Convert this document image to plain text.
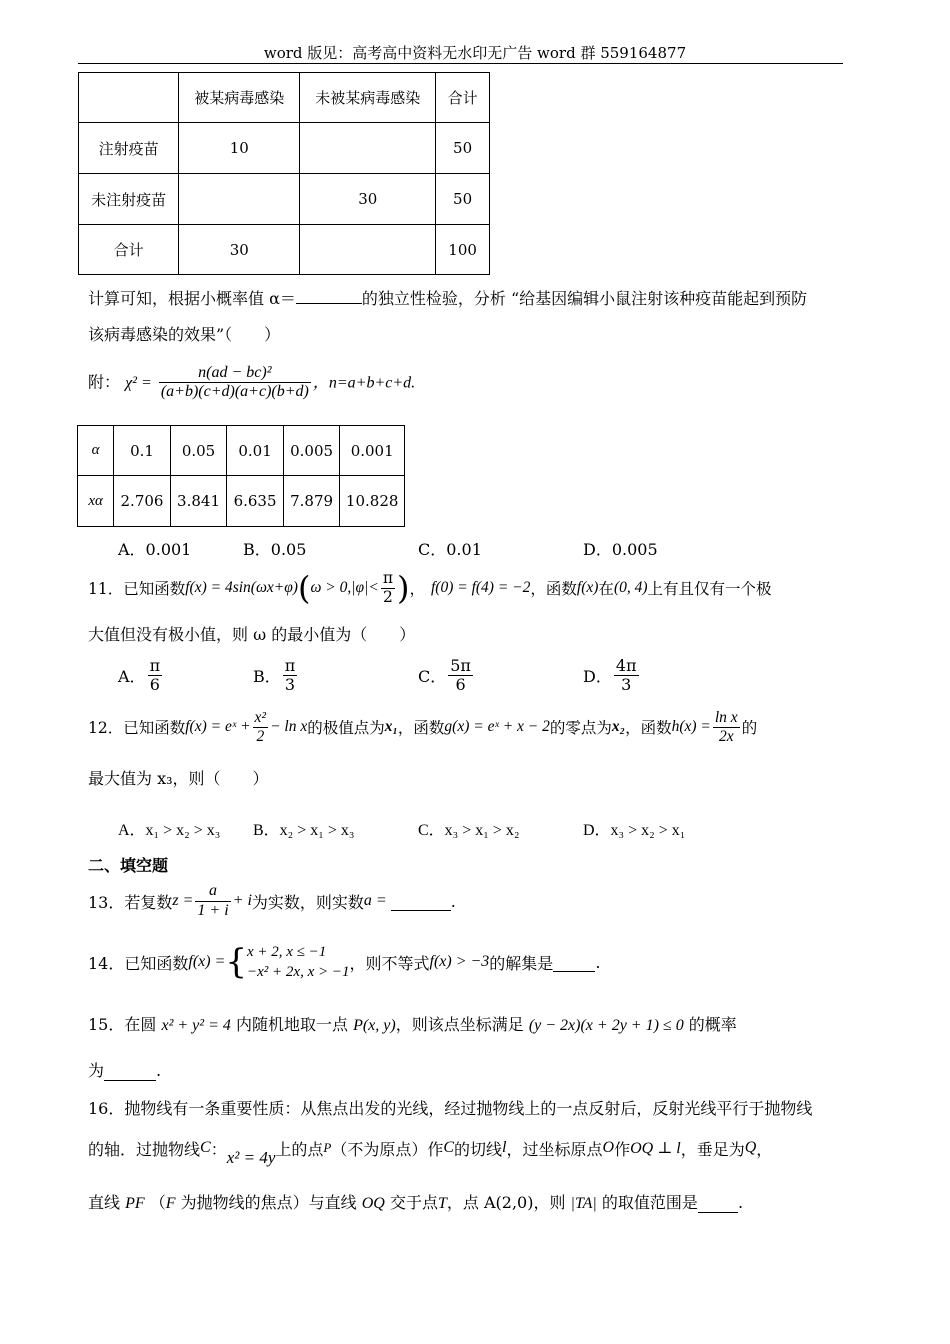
word 版见：高考高中资料无水印无广告 word 群 559164877
	被某病毒感染	未被某病毒感染	合计
注射疫苗	10		50
未注射疫苗		30	50
合计	30		100
计算可知，根据小概率值 α＝	的独立性检验，分析 “给基因编辑小鼠注射该种疫苗能起到预防
该病毒感染的效果”（　　）
附： $\chi^2 = \frac{\text{n(ad − bc)²}}{(a+b)(c+d)(a+c)(b+d)}$ ，n=a+b+c+d.
α	0.1	0.05	0.01	0.005	0.001
xα	2.706	3.841	6.635	7.879	10.828
A．0.001	B．0.05	C．0.01	D．0.005
11．已知函数 f(x) = 4sin(ωx+φ) ( $\omega > 0,|\varphi|< \frac{\pi}{2}$ ) ， f(0) = f(4) = −2 ，函数 f(x) 在 (0, 4) 上有且仅有一个极
大值但没有极小值，则 ω 的最小值为（　　）
A． $\frac{\pi}{6}$	B． $\frac{\pi}{3}$	C． $\frac{5\pi}{6}$	D． $\frac{4\pi}{3}$
12．已知函数 f(x) = eˣ + $\frac{\text{x²}}{2} - \ln x$ 的极值点为 x₁ ，函数 g(x) = eˣ + x − 2 的零点为 x₂ ，函数 $h(x) = \frac{\text{ln x}}{2x}$ 的
最大值为 x₃，则（　　）
A．x₁ > x₂ > x₃ B．x₂ > x₁ > x₃	C．x₃ > x₁ > x₂	D．x₃ > x₂ > x₁
二、填空题
13．若复数 $z = \frac{a}{1 + i} + i$ 为实数，则实数 a =
	.
14．已知函数 f(x) = { x + 2, x ≤ −1
−x² + 2x, x > −1 ，则不等式 f(x) > −3 的解集是
	.
15．在圆 x² + y² = 4 内随机地取一点 P(x, y)，则该点坐标满足 (y − 2x)(x + 2y + 1) ≤ 0 的概率
为	.
16．抛物线有一条重要性质：从焦点出发的光线，经过抛物线上的一点反射后，反射光线平行于抛物线
的轴．过抛物线 C ： x² = 4y 上的点 P （不为原点）作 C 的切线 l ，过坐标原点 O 作 OQ ⊥ l ，垂足为 Q ，
直线 PF （F 为抛物线的焦点）与直线 OQ 交于点T，点 A(2,0)，则 |TA| 的取值范围是	.
